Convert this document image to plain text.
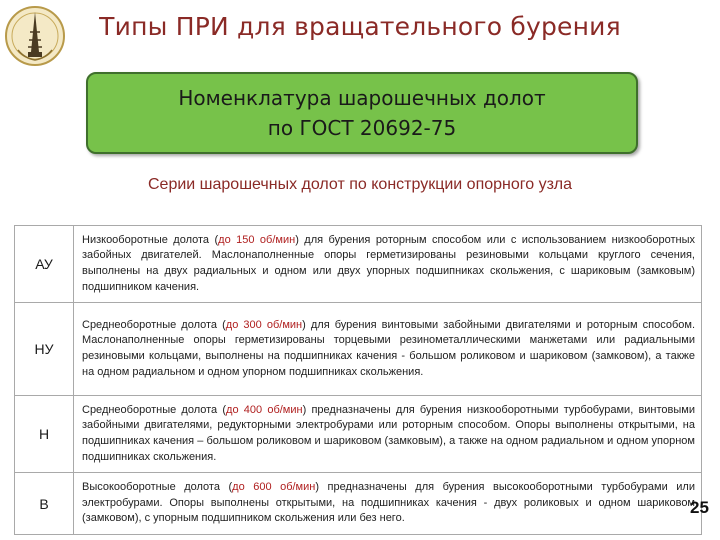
Типы ПРИ для вращательного бурения
Номенклатура шарошечных долот
по ГОСТ 20692-75
Серии шарошечных долот по конструкции опорного узла
АУ	Низкооборотные долота (до 150 об/мин) для бурения роторным способом или с использованием низкооборотных забойных двигателей. Маслонаполненные опоры герметизированы резиновыми кольцами круглого сечения, выполнены на двух радиальных и одном или двух упорных подшипниках скольжения, с шариковым (замковым) подшипником качения.
НУ	Среднеоборотные долота (до 300 об/мин) для бурения винтовыми забойными двигателями и роторным способом. Маслонаполненные опоры герметизированы торцевыми резинометаллическими манжетами или радиальными резиновыми кольцами, выполнены на подшипниках качения - большом роликовом и шариковом (замковом), а также на одном радиальном и одном упорном подшипниках скольжения.
Н	Среднеоборотные долота (до 400 об/мин) предназначены для бурения низкооборотными турбобурами, винтовыми забойными двигателями, редукторными электробурами или роторным способом. Опоры выполнены открытыми, на подшипниках качения – большом роликовом и шариковом (замковым), а также на одном радиальном и одном упорном подшипниках скольжения.
В	Высокооборотные долота (до 600 об/мин) предназначены для бурения высокооборотными турбобурами или электробурами. Опоры выполнены открытыми, на подшипниках качения - двух роликовых и одном шариковом (замковом), с упорным подшипником скольжения или без него.
25
